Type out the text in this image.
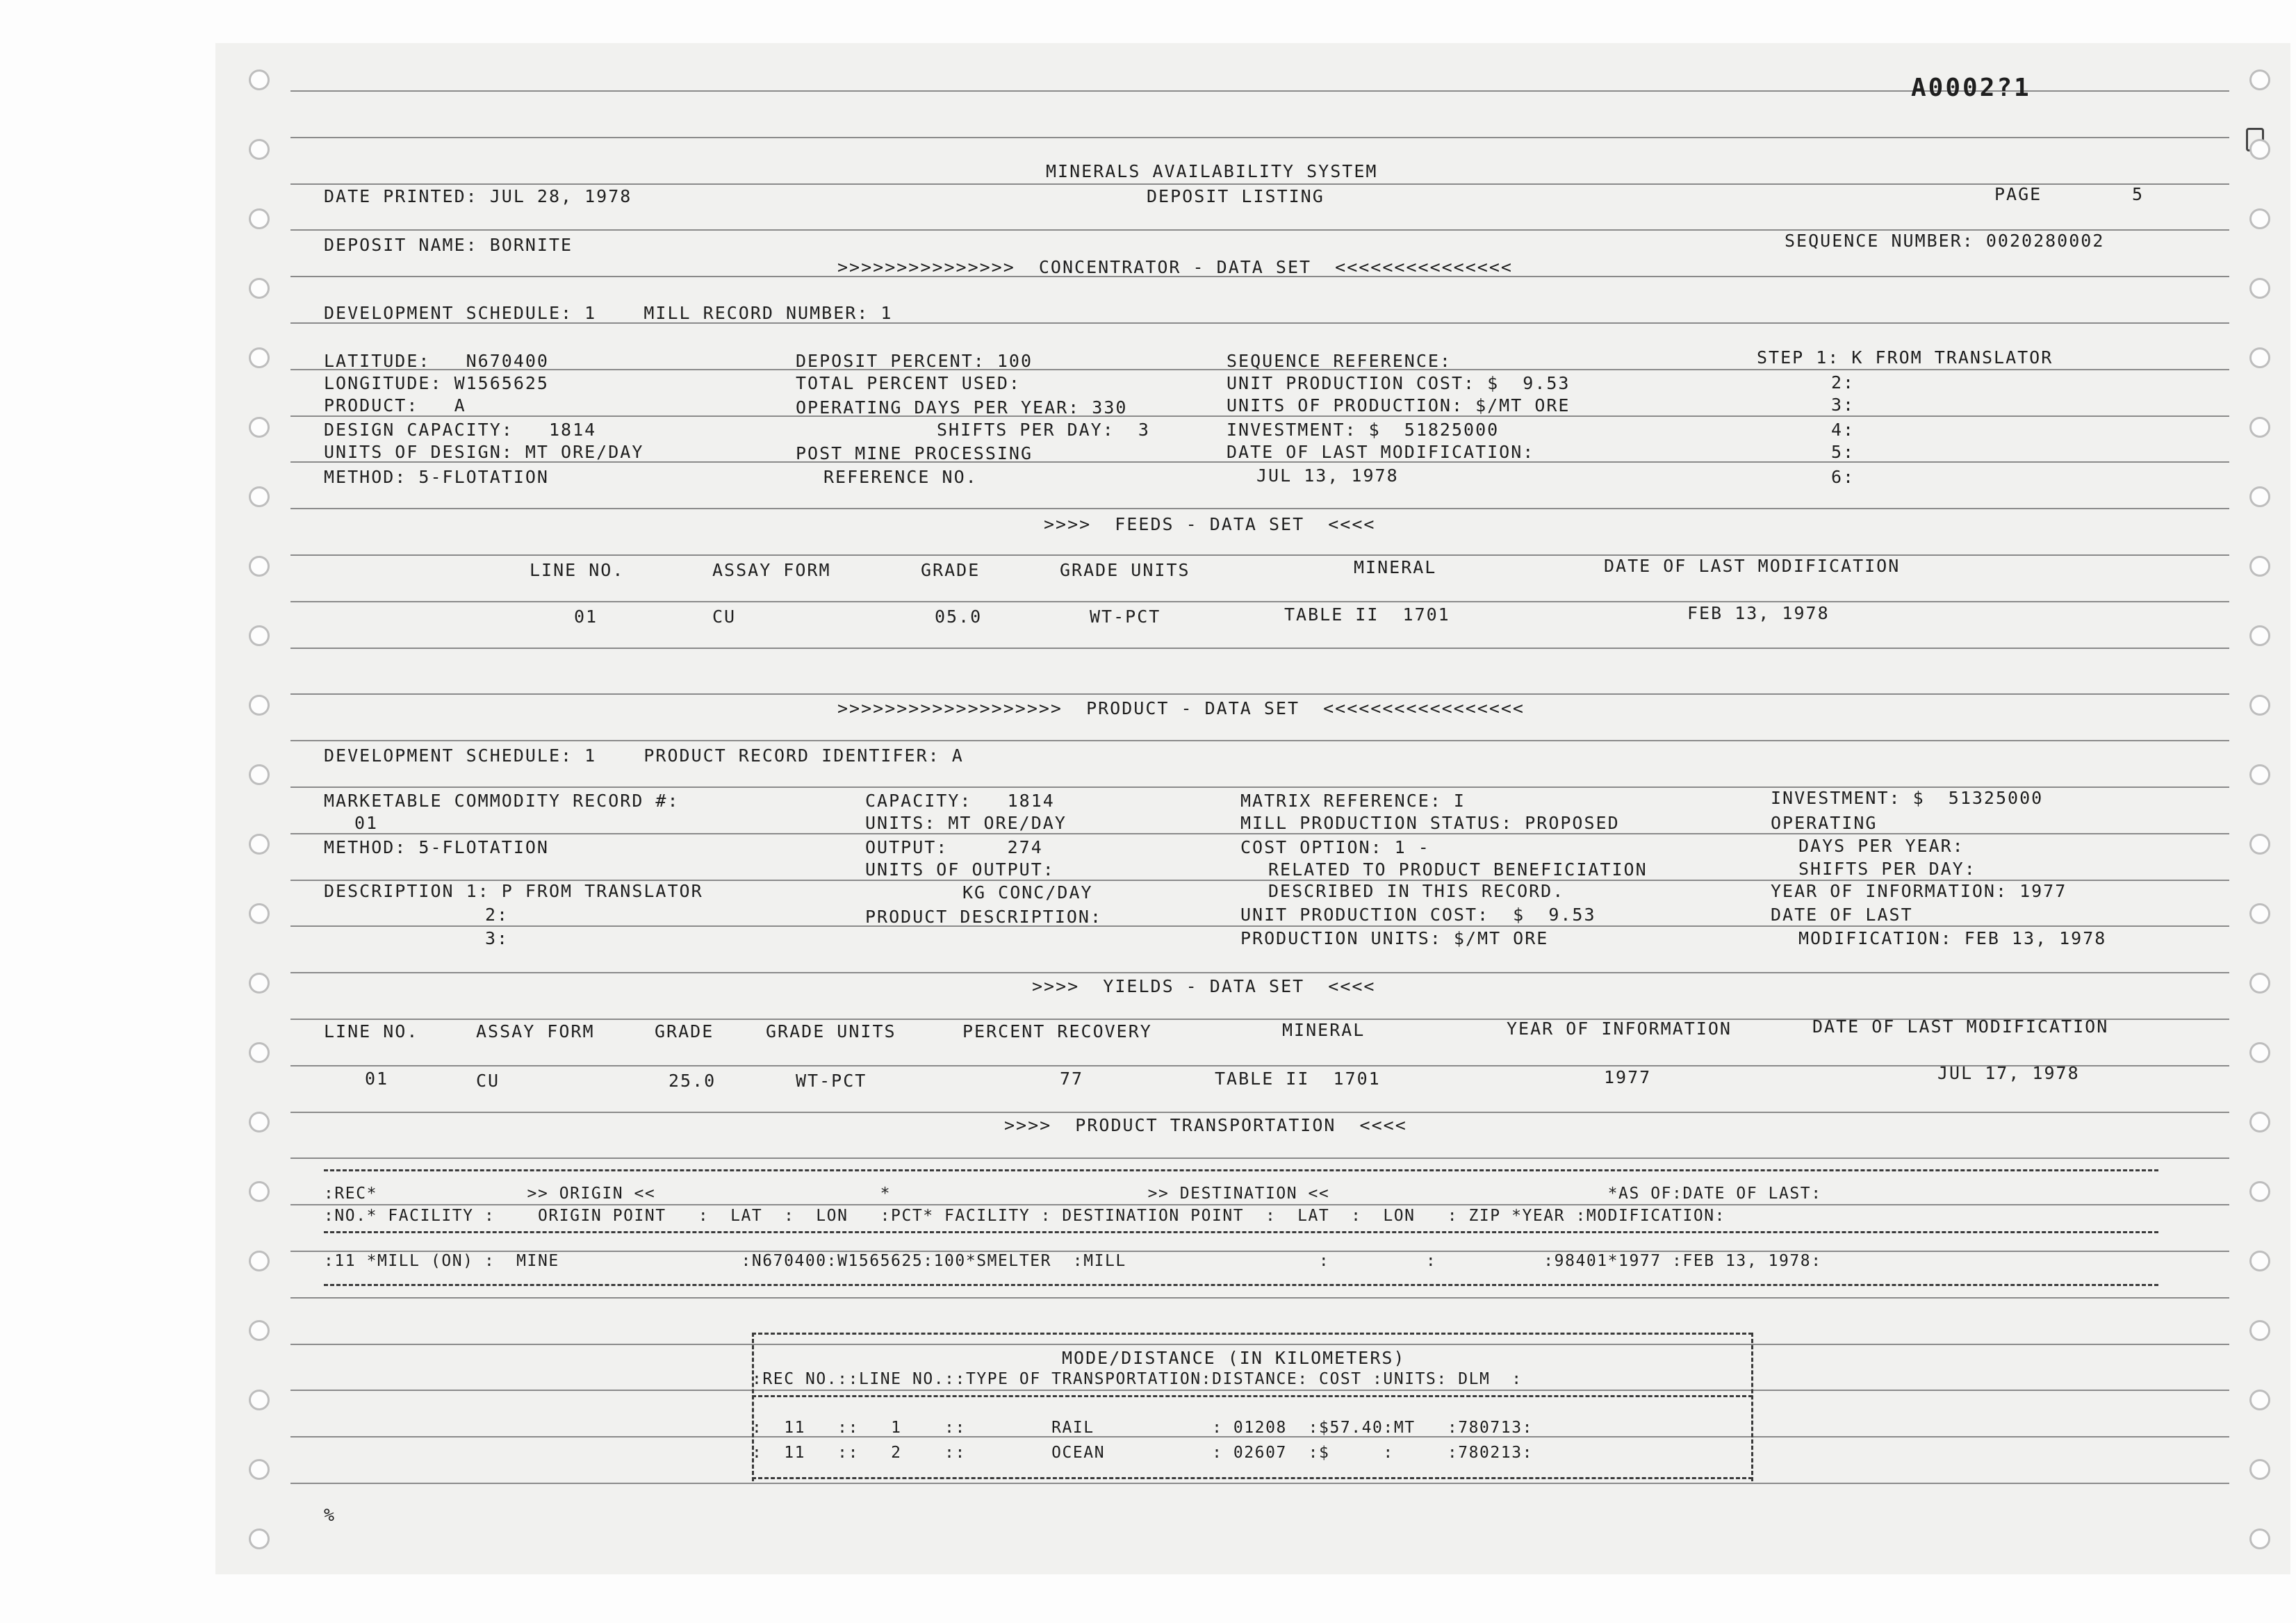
A0002?1
MINERALS AVAILABILITY SYSTEM
DEPOSIT LISTING
DATE PRINTED: JUL 28, 1978	PAGE	5
DEPOSIT NAME: BORNITE	SEQUENCE NUMBER: 0020280002
>>>>>>>>>>>>>>>  CONCENTRATOR - DATA SET  <<<<<<<<<<<<<<<
DEVELOPMENT SCHEDULE: 1    MILL RECORD NUMBER: 1
LATITUDE:   N670400
LONGITUDE: W1565625
PRODUCT:   A
DESIGN CAPACITY:   1814
UNITS OF DESIGN: MT ORE/DAY
METHOD: 5-FLOTATION
DEPOSIT PERCENT: 100
TOTAL PERCENT USED:
OPERATING DAYS PER YEAR: 330
SHIFTS PER DAY:  3
POST MINE PROCESSING
REFERENCE NO.
SEQUENCE REFERENCE:
UNIT PRODUCTION COST: $  9.53
UNITS OF PRODUCTION: $/MT ORE
INVESTMENT: $  51825000
DATE OF LAST MODIFICATION:
JUL 13, 1978
STEP 1: K FROM TRANSLATOR
2:
3:
4:
5:
6:
>>>>  FEEDS - DATA SET  <<<<
LINE NO.	ASSAY FORM	GRADE	GRADE UNITS	MINERAL	DATE OF LAST MODIFICATION
01	CU	05.0	WT-PCT	TABLE II  1701	FEB 13, 1978
>>>>>>>>>>>>>>>>>>>  PRODUCT - DATA SET  <<<<<<<<<<<<<<<<<
DEVELOPMENT SCHEDULE: 1    PRODUCT RECORD IDENTIFER: A
MARKETABLE COMMODITY RECORD #:
01
METHOD: 5-FLOTATION
DESCRIPTION 1: P FROM TRANSLATOR
2:
3:
CAPACITY:   1814
UNITS: MT ORE/DAY
OUTPUT:     274
UNITS OF OUTPUT:
KG CONC/DAY
PRODUCT DESCRIPTION:
MATRIX REFERENCE: I
MILL PRODUCTION STATUS: PROPOSED
COST OPTION: 1 -
RELATED TO PRODUCT BENEFICIATION
DESCRIBED IN THIS RECORD.
UNIT PRODUCTION COST:  $  9.53
PRODUCTION UNITS: $/MT ORE
INVESTMENT: $  51325000
OPERATING
DAYS PER YEAR:
SHIFTS PER DAY:
YEAR OF INFORMATION: 1977
DATE OF LAST
MODIFICATION: FEB 13, 1978
>>>>  YIELDS - DATA SET  <<<<
LINE NO.	ASSAY FORM	GRADE	GRADE UNITS	PERCENT RECOVERY	MINERAL	YEAR OF INFORMATION	DATE OF LAST MODIFICATION
01	CU	25.0	WT-PCT	77	TABLE II  1701	1977	JUL 17, 1978
>>>>  PRODUCT TRANSPORTATION  <<<<
:REC*              >> ORIGIN <<                     *                        >> DESTINATION <<                          *AS OF:DATE OF LAST:
:NO.* FACILITY :    ORIGIN POINT   :  LAT  :  LON   :PCT* FACILITY : DESTINATION POINT  :  LAT  :  LON   : ZIP *YEAR :MODIFICATION:
:11 *MILL (ON) :  MINE                 :N670400:W1565625:100*SMELTER  :MILL                  :         :          :98401*1977 :FEB 13, 1978:
MODE/DISTANCE (IN KILOMETERS)
:REC NO.::LINE NO.::TYPE OF TRANSPORTATION:DISTANCE: COST :UNITS: DLM  :
:  11   ::   1    ::        RAIL           : 01208  :$57.40:MT   :780713:
:  11   ::   2    ::        OCEAN          : 02607  :$     :     :780213:
%
